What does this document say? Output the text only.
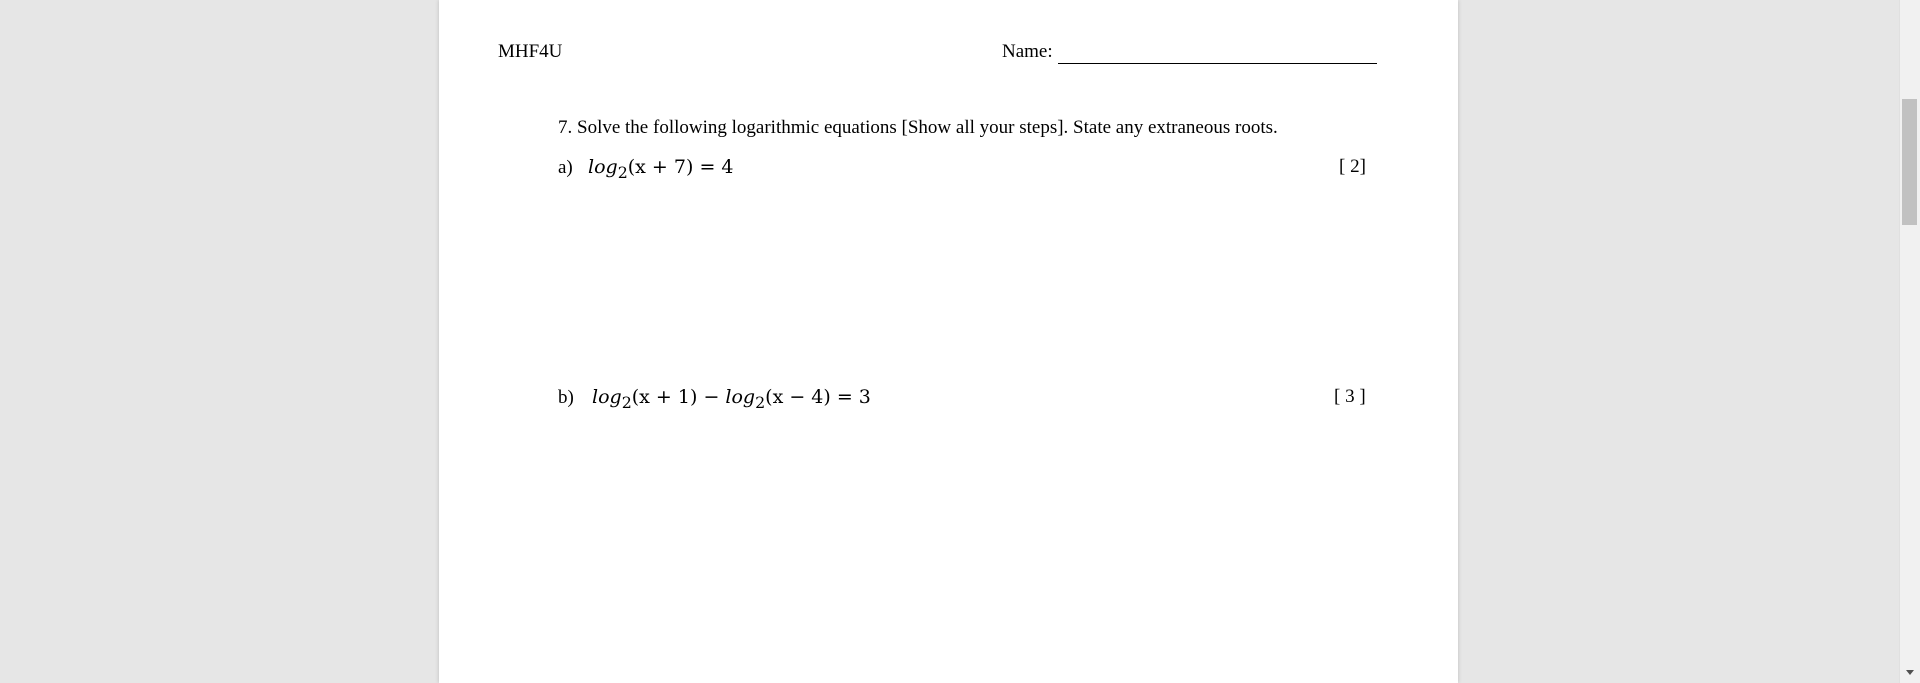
MHF4U	Name:
7. Solve the following logarithmic equations [Show all your steps]. State any extraneous roots.
a) $\log_2(x + 7) = 4$	[ 2]
b) $\log_2(x + 1) - \log_2(x - 4) = 3$	[ 3 ]
